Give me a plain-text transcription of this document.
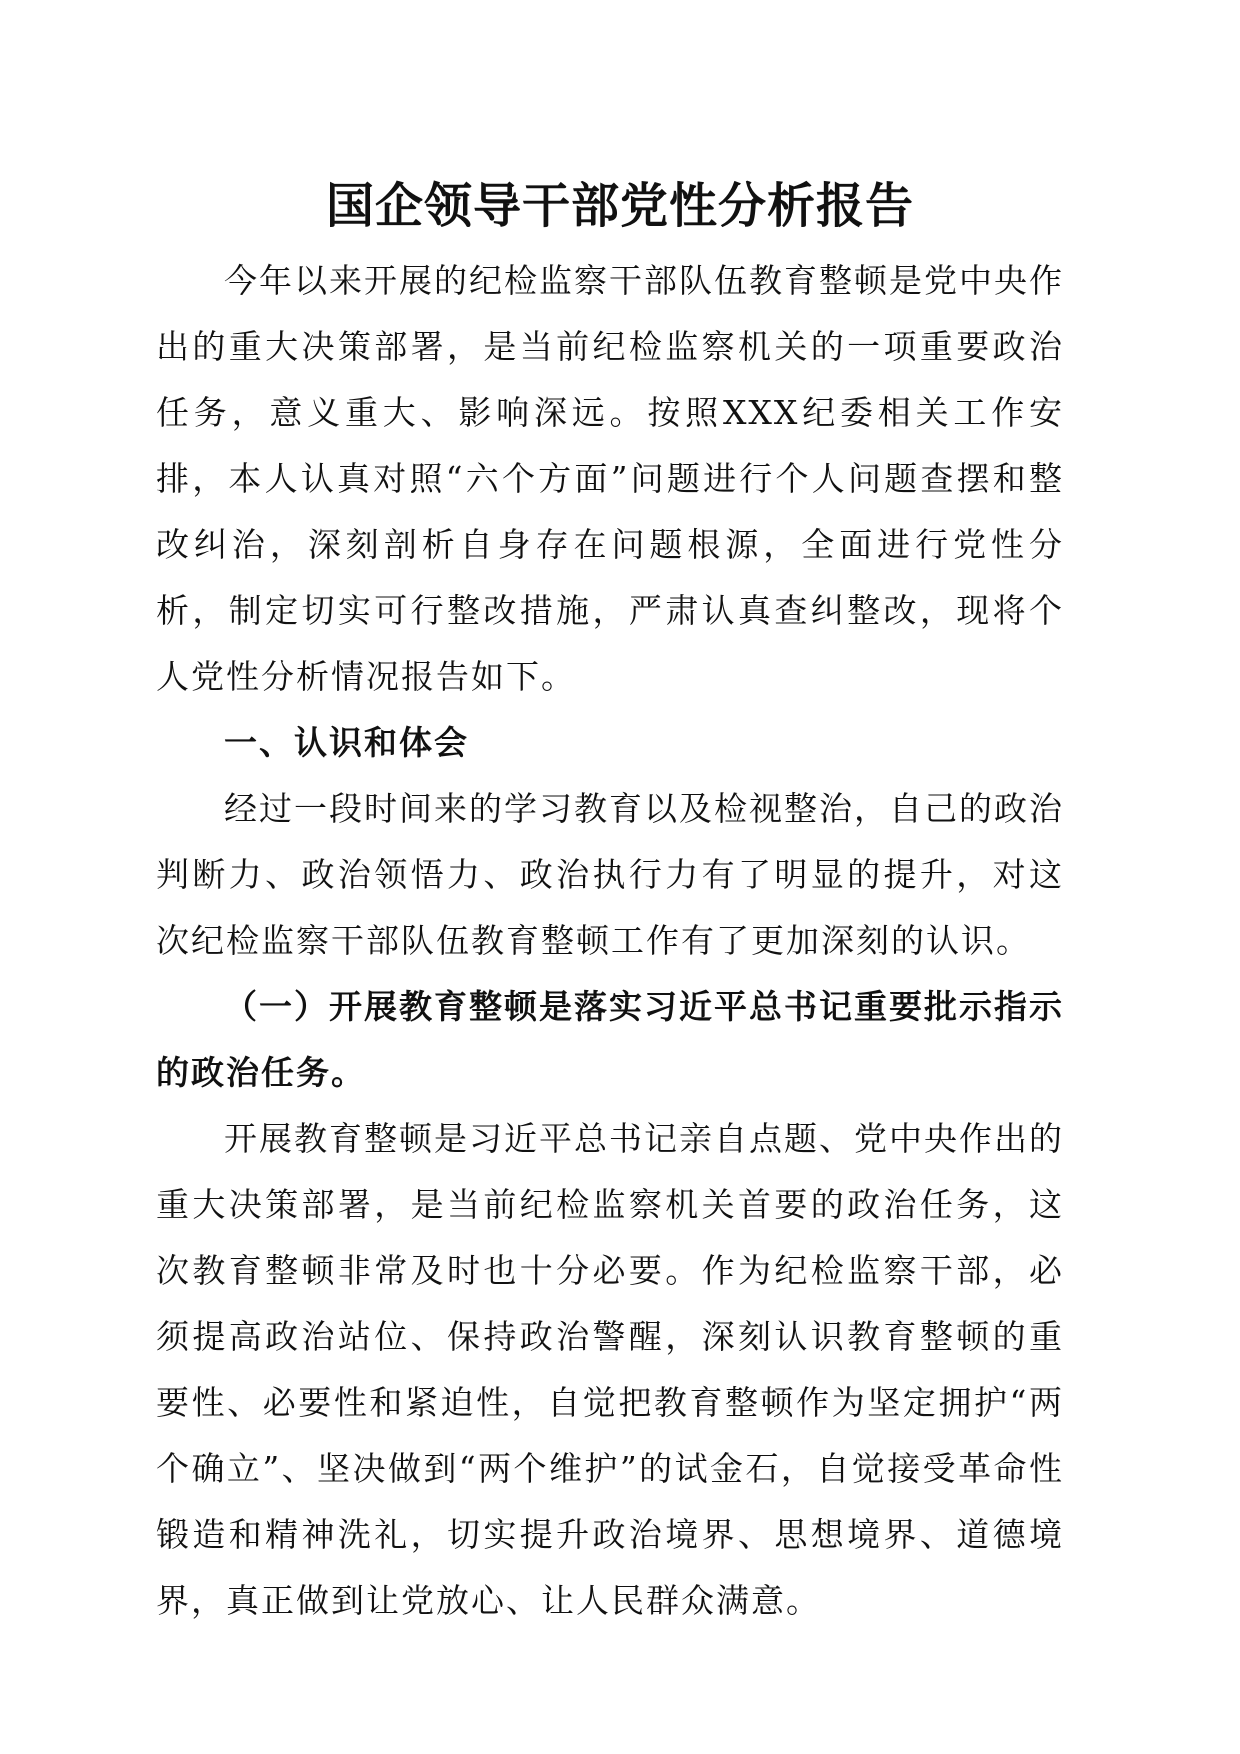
国企领导干部党性分析报告

今年以来开展的纪检监察干部队伍教育整顿是党中央作出的重大决策部署，是当前纪检监察机关的一项重要政治任务，意义重大、影响深远。按照XXX纪委相关工作安排，本人认真对照“六个方面”问题进行个人问题查摆和整改纠治，深刻剖析自身存在问题根源，全面进行党性分析，制定切实可行整改措施，严肃认真查纠整改，现将个人党性分析情况报告如下。

一、认识和体会

经过一段时间来的学习教育以及检视整治，自己的政治判断力、政治领悟力、政治执行力有了明显的提升，对这次纪检监察干部队伍教育整顿工作有了更加深刻的认识。

（一）开展教育整顿是落实习近平总书记重要批示指示的政治任务。

开展教育整顿是习近平总书记亲自点题、党中央作出的重大决策部署，是当前纪检监察机关首要的政治任务，这次教育整顿非常及时也十分必要。作为纪检监察干部，必须提高政治站位、保持政治警醒，深刻认识教育整顿的重要性、必要性和紧迫性，自觉把教育整顿作为坚定拥护“两个确立”、坚决做到“两个维护”的试金石，自觉接受革命性锻造和精神洗礼，切实提升政治境界、思想境界、道德境界，真正做到让党放心、让人民群众满意。
